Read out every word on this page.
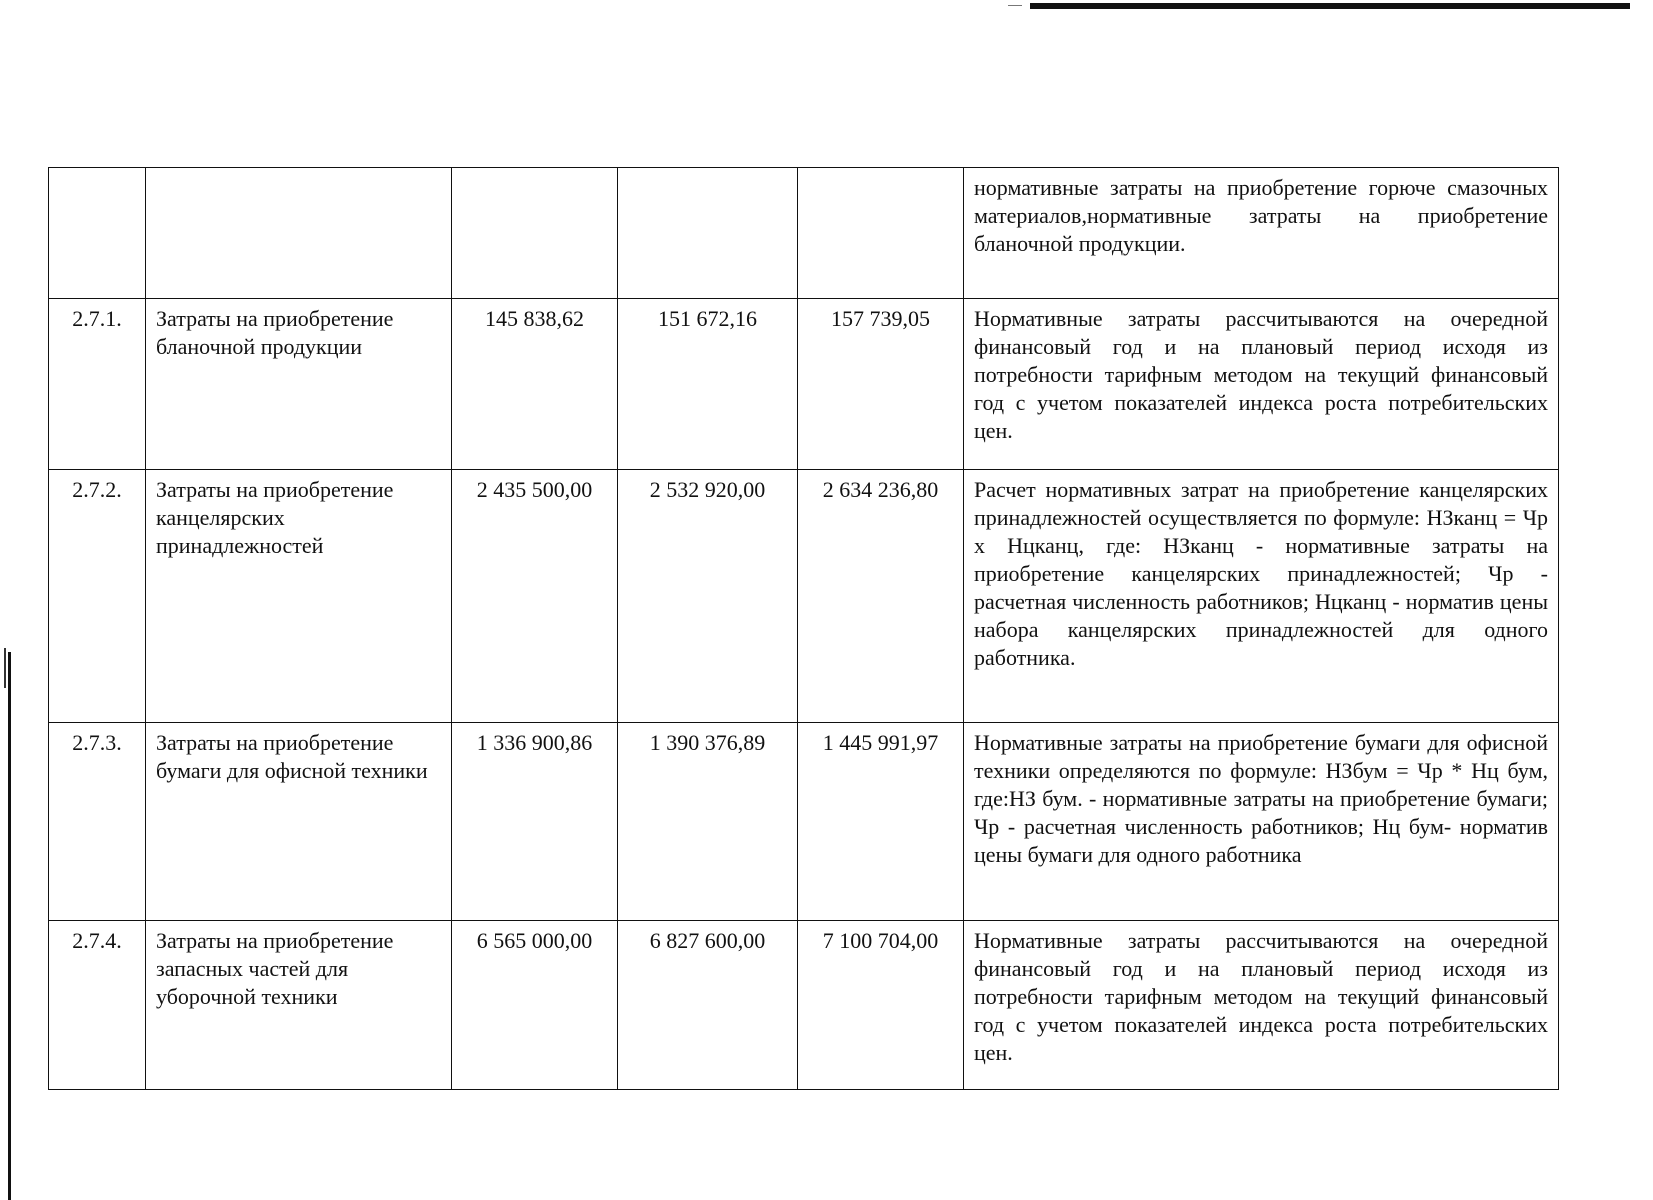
					нормативные затраты на приобретение горюче смазочных материалов,нормативные затраты на приобретение бланочной продукции.
2.7.1.	Затраты на приобретение бланочной продукции	145 838,62	151 672,16	157 739,05	Нормативные затраты рассчитываются на очередной финансовый год и на плановый период исходя из потребности тарифным методом на текущий финансовый год с учетом показателей индекса роста потребительских цен.
2.7.2.	Затраты на приобретение канцелярских принадлежностей	2 435 500,00	2 532 920,00	2 634 236,80	Расчет нормативных затрат на приобретение канцелярских принадлежностей осуществляется по формуле: НЗканц = Чр х Нцканц, где: НЗканц - нормативные затраты на приобретение канцелярских принадлежностей; Чр - расчетная численность работников; Нцканц - норматив цены набора канцелярских принадлежностей для одного работника.
2.7.3.	Затраты на приобретение бумаги для офисной техники	1 336 900,86	1 390 376,89	1 445 991,97	Нормативные затраты на приобретение бумаги для офисной техники определяются по формуле: НЗбум = Чр * Нц бум, где:НЗ бум. - нормативные затраты на приобретение бумаги; Чр - расчетная численность работников; Нц бум- норматив цены бумаги для одного работника
2.7.4.	Затраты на приобретение запасных частей для уборочной техники	6 565 000,00	6 827 600,00	7 100 704,00	Нормативные затраты рассчитываются на очередной финансовый год и на плановый период исходя из потребности тарифным методом на текущий финансовый год с учетом показателей индекса роста потребительских цен.
